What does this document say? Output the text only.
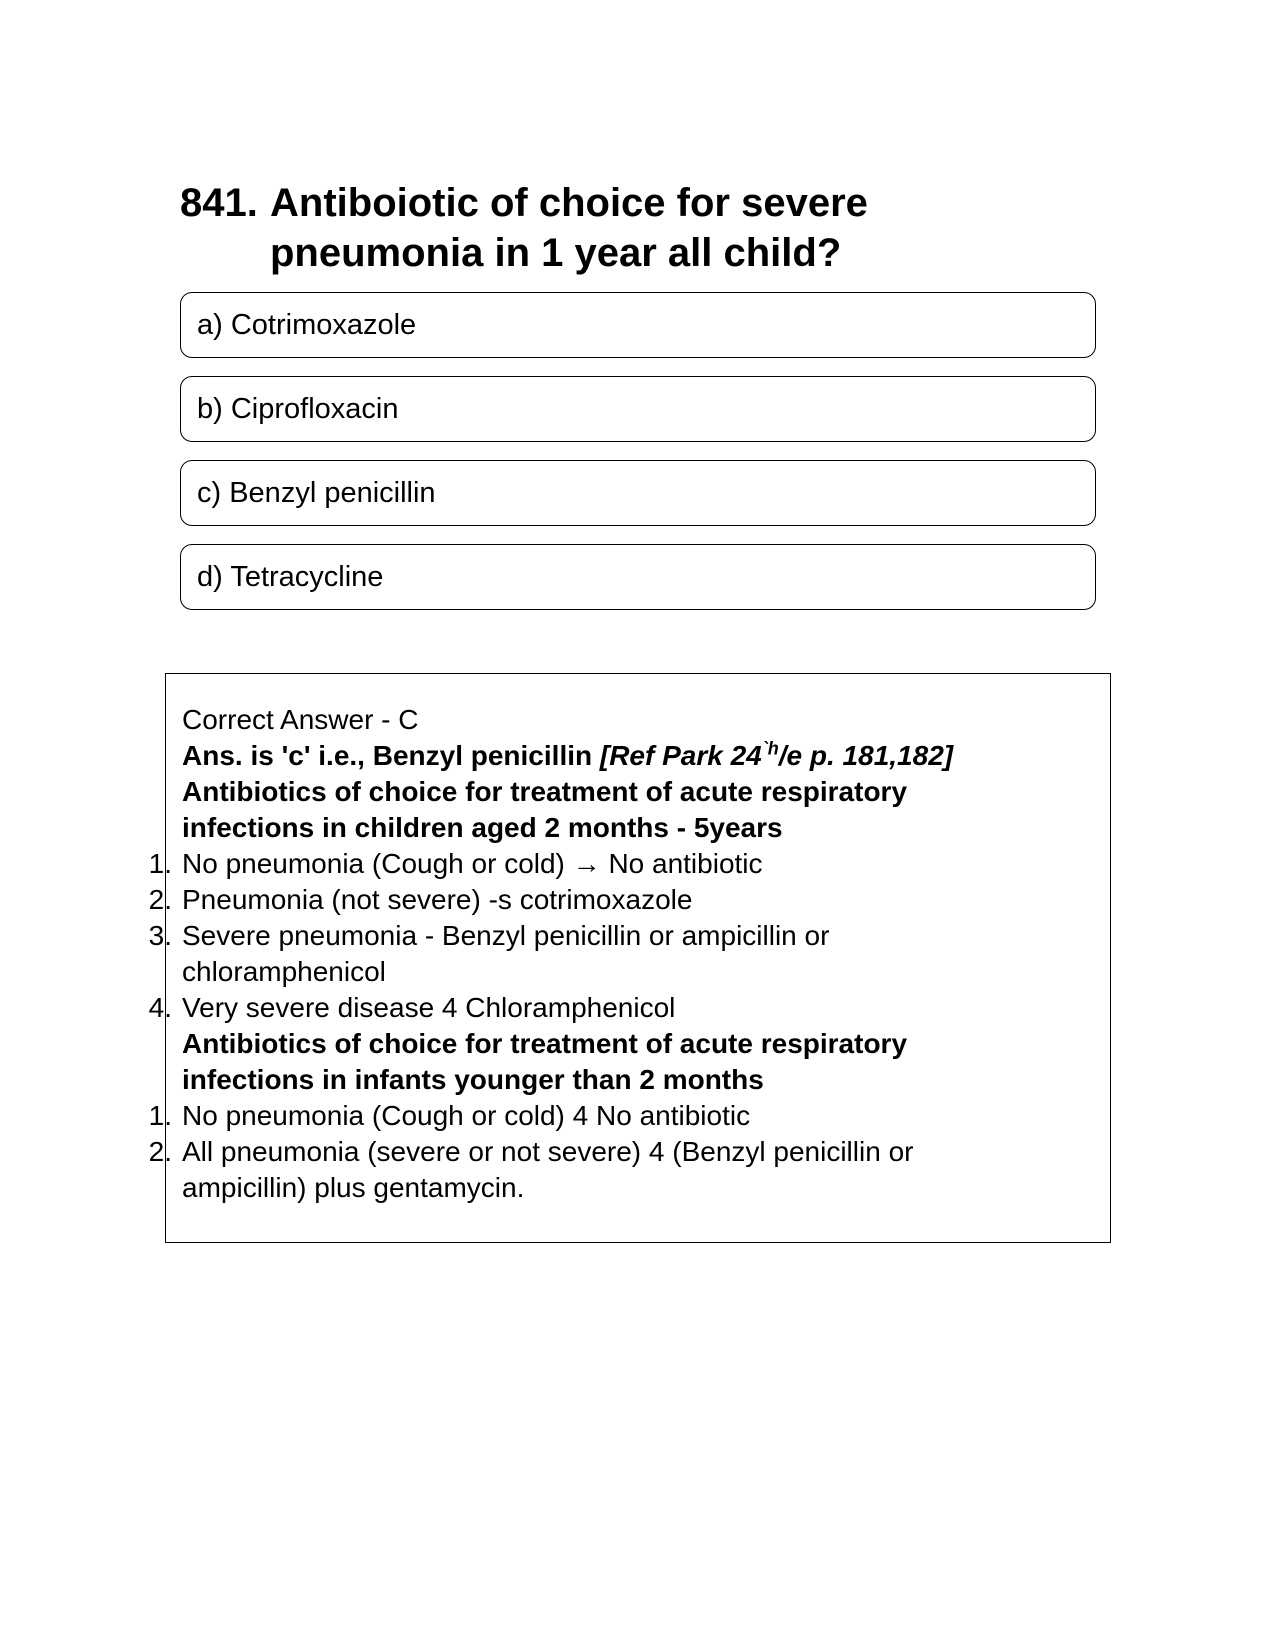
841. Antiboiotic of choice for severe
pneumonia in 1 year all child?
a) Cotrimoxazole
b) Ciprofloxacin
c) Benzyl penicillin
d) Tetracycline
Correct Answer - C
Ans. is 'c' i.e., Benzyl penicillin [Ref Park $24^{`h}/e$ p. 181,182]
Antibiotics of choice for treatment of acute respiratory
infections in children aged 2 months - 5years
1. No pneumonia (Cough or cold) → No antibiotic
2. Pneumonia (not severe) -s cotrimoxazole
3. Severe pneumonia - Benzyl penicillin or ampicillin or
chloramphenicol
4. Very severe disease 4 Chloramphenicol
Antibiotics of choice for treatment of acute respiratory
infections in infants younger than 2 months
1. No pneumonia (Cough or cold) 4 No antibiotic
2. All pneumonia (severe or not severe) 4 (Benzyl penicillin or
ampicillin) plus gentamycin.
